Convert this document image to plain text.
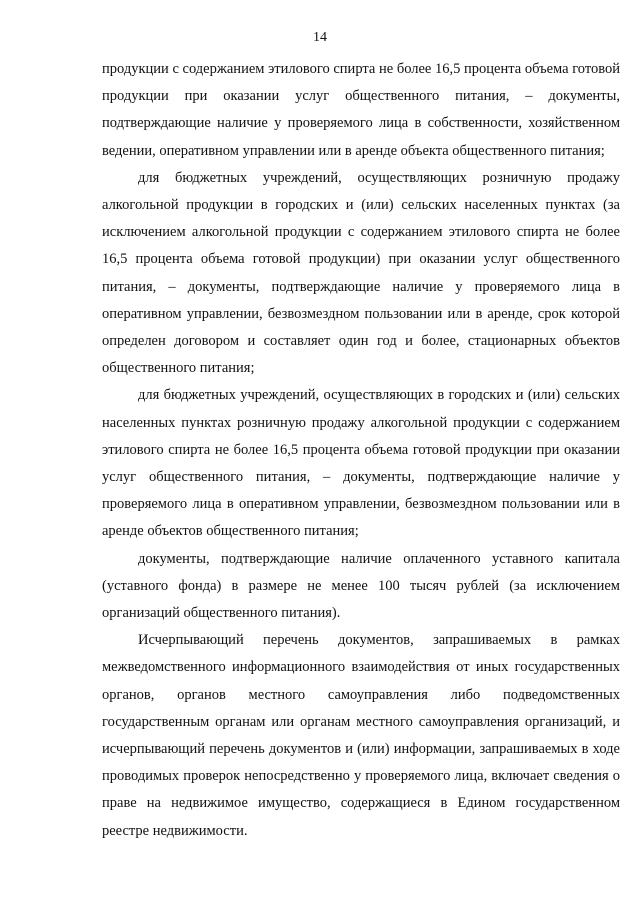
14

продукции с содержанием этилового спирта не более 16,5 процента объема готовой продукции при оказании услуг общественного питания, – документы, подтверждающие наличие у проверяемого лица в собственности, хозяйственном ведении, оперативном управлении или в аренде объекта общественного питания;

для бюджетных учреждений, осуществляющих розничную продажу алкогольной продукции в городских и (или) сельских населенных пунктах (за исключением алкогольной продукции с содержанием этилового спирта не более 16,5 процента объема готовой продукции) при оказании услуг общественного питания, – документы, подтверждающие наличие у проверяемого лица в оперативном управлении, безвозмездном пользовании или в аренде, срок которой определен договором и составляет один год и более, стационарных объектов общественного питания;

для бюджетных учреждений, осуществляющих в городских и (или) сельских населенных пунктах розничную продажу алкогольной продукции с содержанием этилового спирта не более 16,5 процента объема готовой продукции при оказании услуг общественного питания, – документы, подтверждающие наличие у проверяемого лица в оперативном управлении, безвозмездном пользовании или в аренде объектов общественного питания;

документы, подтверждающие наличие оплаченного уставного капитала (уставного фонда) в размере не менее 100 тысяч рублей (за исключением организаций общественного питания).

Исчерпывающий перечень документов, запрашиваемых в рамках межведомственного информационного взаимодействия от иных государственных органов, органов местного самоуправления либо подведомственных государственным органам или органам местного самоуправления организаций, и исчерпывающий перечень документов и (или) информации, запрашиваемых в ходе проводимых проверок непосредственно у проверяемого лица, включает сведения о праве на недвижимое имущество, содержащиеся в Едином государственном реестре недвижимости.
